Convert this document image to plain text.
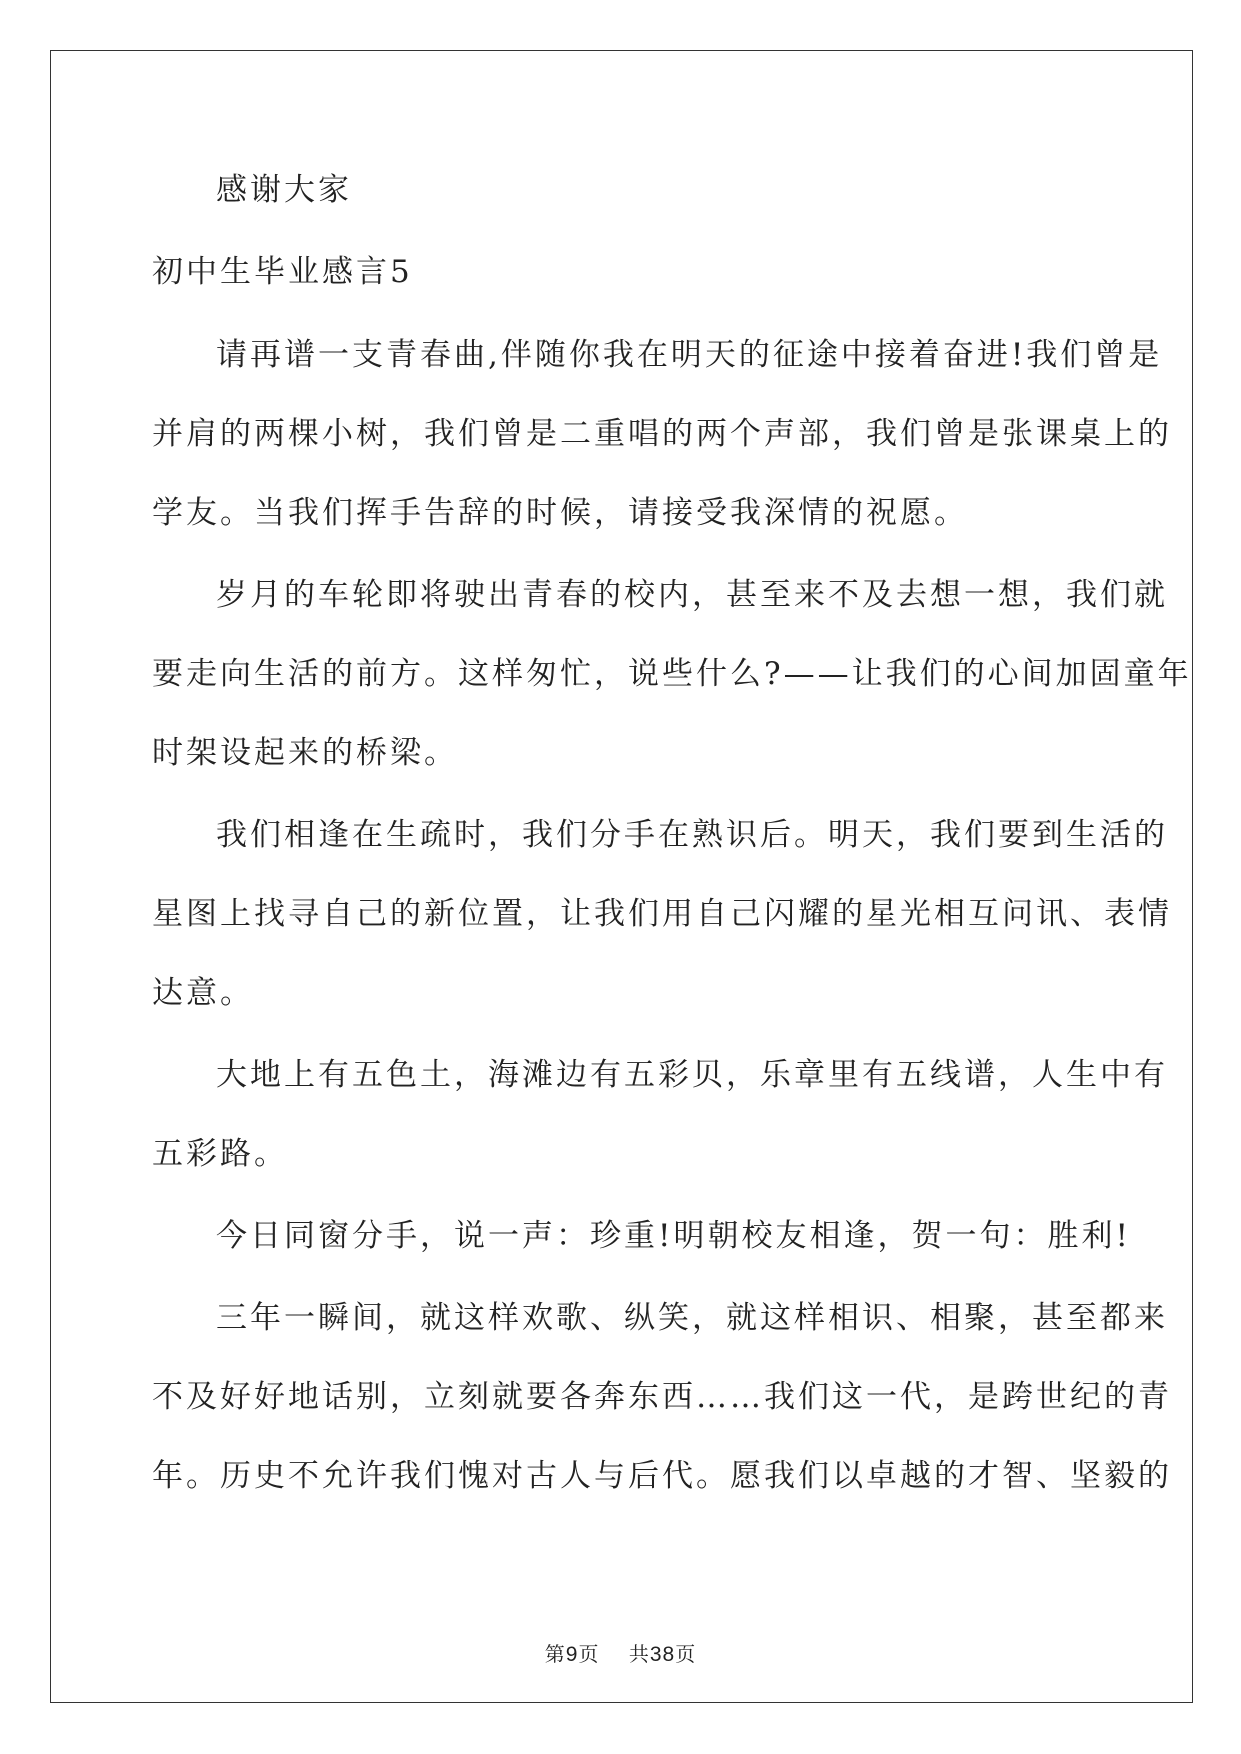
感谢大家

初中生毕业感言5

请再谱一支青春曲,伴随你我在明天的征途中接着奋进!我们曾是

并肩的两棵小树，我们曾是二重唱的两个声部，我们曾是张课桌上的

学友。当我们挥手告辞的时候，请接受我深情的祝愿。

岁月的车轮即将驶出青春的校内，甚至来不及去想一想，我们就

要走向生活的前方。这样匆忙，说些什么?——让我们的心间加固童年

时架设起来的桥梁。

我们相逢在生疏时，我们分手在熟识后。明天，我们要到生活的

星图上找寻自己的新位置，让我们用自己闪耀的星光相互问讯、表情

达意。

大地上有五色土，海滩边有五彩贝，乐章里有五线谱，人生中有

五彩路。

今日同窗分手，说一声：珍重!明朝校友相逢，贺一句：胜利!

三年一瞬间，就这样欢歌、纵笑，就这样相识、相聚，甚至都来

不及好好地话别，立刻就要各奔东西……我们这一代，是跨世纪的青

年。历史不允许我们愧对古人与后代。愿我们以卓越的才智、坚毅的

第9页 共38页
